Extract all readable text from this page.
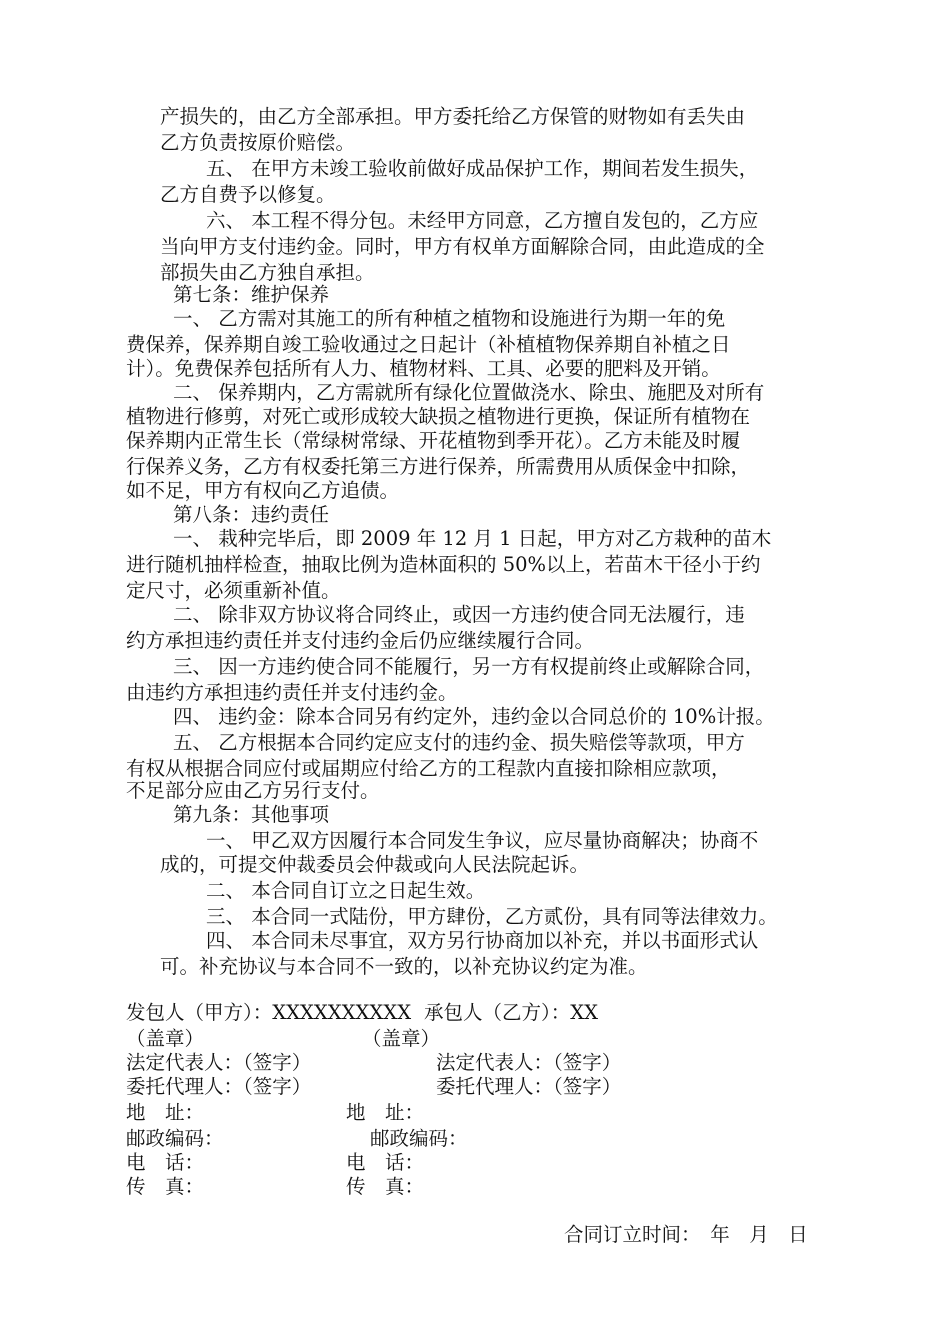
产损失的，由乙方全部承担。甲方委托给乙方保管的财物如有丢失由
乙方负责按原价赔偿。
五、 在甲方未竣工验收前做好成品保护工作，期间若发生损失，
乙方自费予以修复。
六、 本工程不得分包。未经甲方同意，乙方擅自发包的，乙方应
当向甲方支付违约金。同时，甲方有权单方面解除合同，由此造成的全
部损失由乙方独自承担。
第七条：维护保养
一、 乙方需对其施工的所有种植之植物和设施进行为期一年的免
费保养，保养期自竣工验收通过之日起计（补植植物保养期自补植之日
计）。免费保养包括所有人力、植物材料、工具、必要的肥料及开销。
二、 保养期内，乙方需就所有绿化位置做浇水、除虫、施肥及对所有
植物进行修剪，对死亡或形成较大缺损之植物进行更换，保证所有植物在
保养期内正常生长（常绿树常绿、开花植物到季开花）。乙方未能及时履
行保养义务，乙方有权委托第三方进行保养，所需费用从质保金中扣除，
如不足，甲方有权向乙方追债。
第八条：违约责任
一、 栽种完毕后，即 2009 年 12 月 1 日起，甲方对乙方栽种的苗木
进行随机抽样检查，抽取比例为造林面积的 50%以上，若苗木干径小于约
定尺寸，必须重新补值。
二、 除非双方协议将合同终止，或因一方违约使合同无法履行，违
约方承担违约责任并支付违约金后仍应继续履行合同。
三、 因一方违约使合同不能履行，另一方有权提前终止或解除合同，
由违约方承担违约责任并支付违约金。
四、 违约金：除本合同另有约定外，违约金以合同总价的 10%计报。
五、 乙方根据本合同约定应支付的违约金、损失赔偿等款项，甲方
有权从根据合同应付或届期应付给乙方的工程款内直接扣除相应款项，
不足部分应由乙方另行支付。
第九条：其他事项
一、 甲乙双方因履行本合同发生争议，应尽量协商解决；协商不
成的，可提交仲裁委员会仲裁或向人民法院起诉。
二、 本合同自订立之日起生效。
三、 本合同一式陆份，甲方肆份，乙方贰份，具有同等法律效力。
四、 本合同未尽事宜，双方另行协商加以补充，并以书面形式认
可。补充协议与本合同不一致的，以补充协议约定为准。
发包人（甲方）：XXXXXXXXXX 承包人（乙方）：XX
（盖章）	（盖章）
法定代表人：（签字）	法定代表人：（签字）
委托代理人：（签字）	委托代理人：（签字）
地　址：	地　址：
邮政编码：	邮政编码：
电　话：	电　话：
传　真：	传　真：
合同订立时间：　年　月　日
